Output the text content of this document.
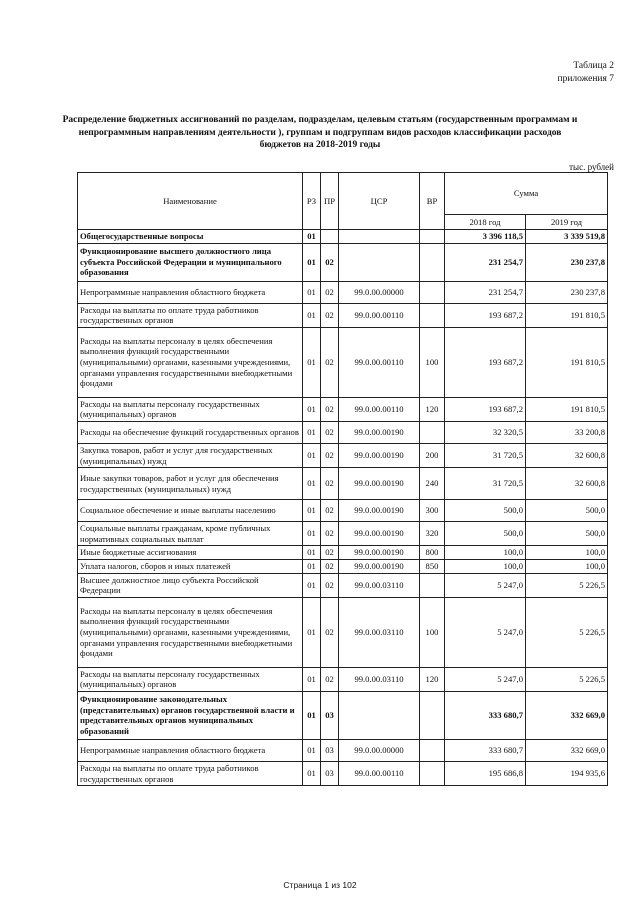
Таблица 2
приложения 7
Распределение бюджетных ассигнований по разделам, подразделам, целевым статьям (государственным программам и непрограммным направлениям деятельности ), группам и подгруппам видов расходов классификации расходов бюджетов на 2018-2019 годы
тыс. рублей
Наименование	РЗ	ПР	ЦСР	ВР	Сумма	
					2018 год	2019 год
Общегосударственные вопросы	01				3 396 118,5	3 339 519,8
Функционирование высшего должностного лица субъекта Российской Федерации и муниципального образования	01	02			231 254,7	230 237,8
Непрограммные направления областного бюджета	01	02	99.0.00.00000		231 254,7	230 237,8
Расходы на выплаты по оплате труда работников государственных органов	01	02	99.0.00.00110		193 687,2	191 810,5
Расходы на выплаты персоналу в целях обеспечения выполнения функций государственными (муниципальными) органами, казенными учреждениями, органами управления государственными внебюджетными фондами	01	02	99.0.00.00110	100	193 687,2	191 810,5
Расходы на выплаты персоналу государственных (муниципальных) органов	01	02	99.0.00.00110	120	193 687,2	191 810,5
Расходы на обеспечение функций государственных органов	01	02	99.0.00.00190		32 320,5	33 200,8
Закупка товаров, работ и услуг для государственных (муниципальных) нужд	01	02	99.0.00.00190	200	31 720,5	32 600,8
Иные закупки товаров, работ и услуг для обеспечения государственных (муниципальных) нужд	01	02	99.0.00.00190	240	31 720,5	32 600,8
Социальное обеспечение и иные выплаты населению	01	02	99.0.00.00190	300	500,0	500,0
Социальные выплаты гражданам, кроме публичных нормативных социальных выплат	01	02	99.0.00.00190	320	500,0	500,0
Иные бюджетные ассигнования	01	02	99.0.00.00190	800	100,0	100,0
Уплата налогов, сборов и иных платежей	01	02	99.0.00.00190	850	100,0	100,0
Высшее должностное лицо субъекта Российской Федерации	01	02	99.0.00.03110		5 247,0	5 226,5
Расходы на выплаты персоналу в целях обеспечения выполнения функций государственными (муниципальными) органами, казенными учреждениями, органами управления государственными внебюджетными фондами	01	02	99.0.00.03110	100	5 247,0	5 226,5
Расходы на выплаты персоналу государственных (муниципальных) органов	01	02	99.0.00.03110	120	5 247,0	5 226,5
Функционирование законодательных (представительных) органов государственной власти и представительных органов муниципальных образований	01	03			333 680,7	332 669,0
Непрограммные направления областного бюджета	01	03	99.0.00.00000		333 680,7	332 669,0
Расходы на выплаты по оплате труда работников государственных органов	01	03	99.0.00.00110		195 686,8	194 935,6
Страница 1 из 102
